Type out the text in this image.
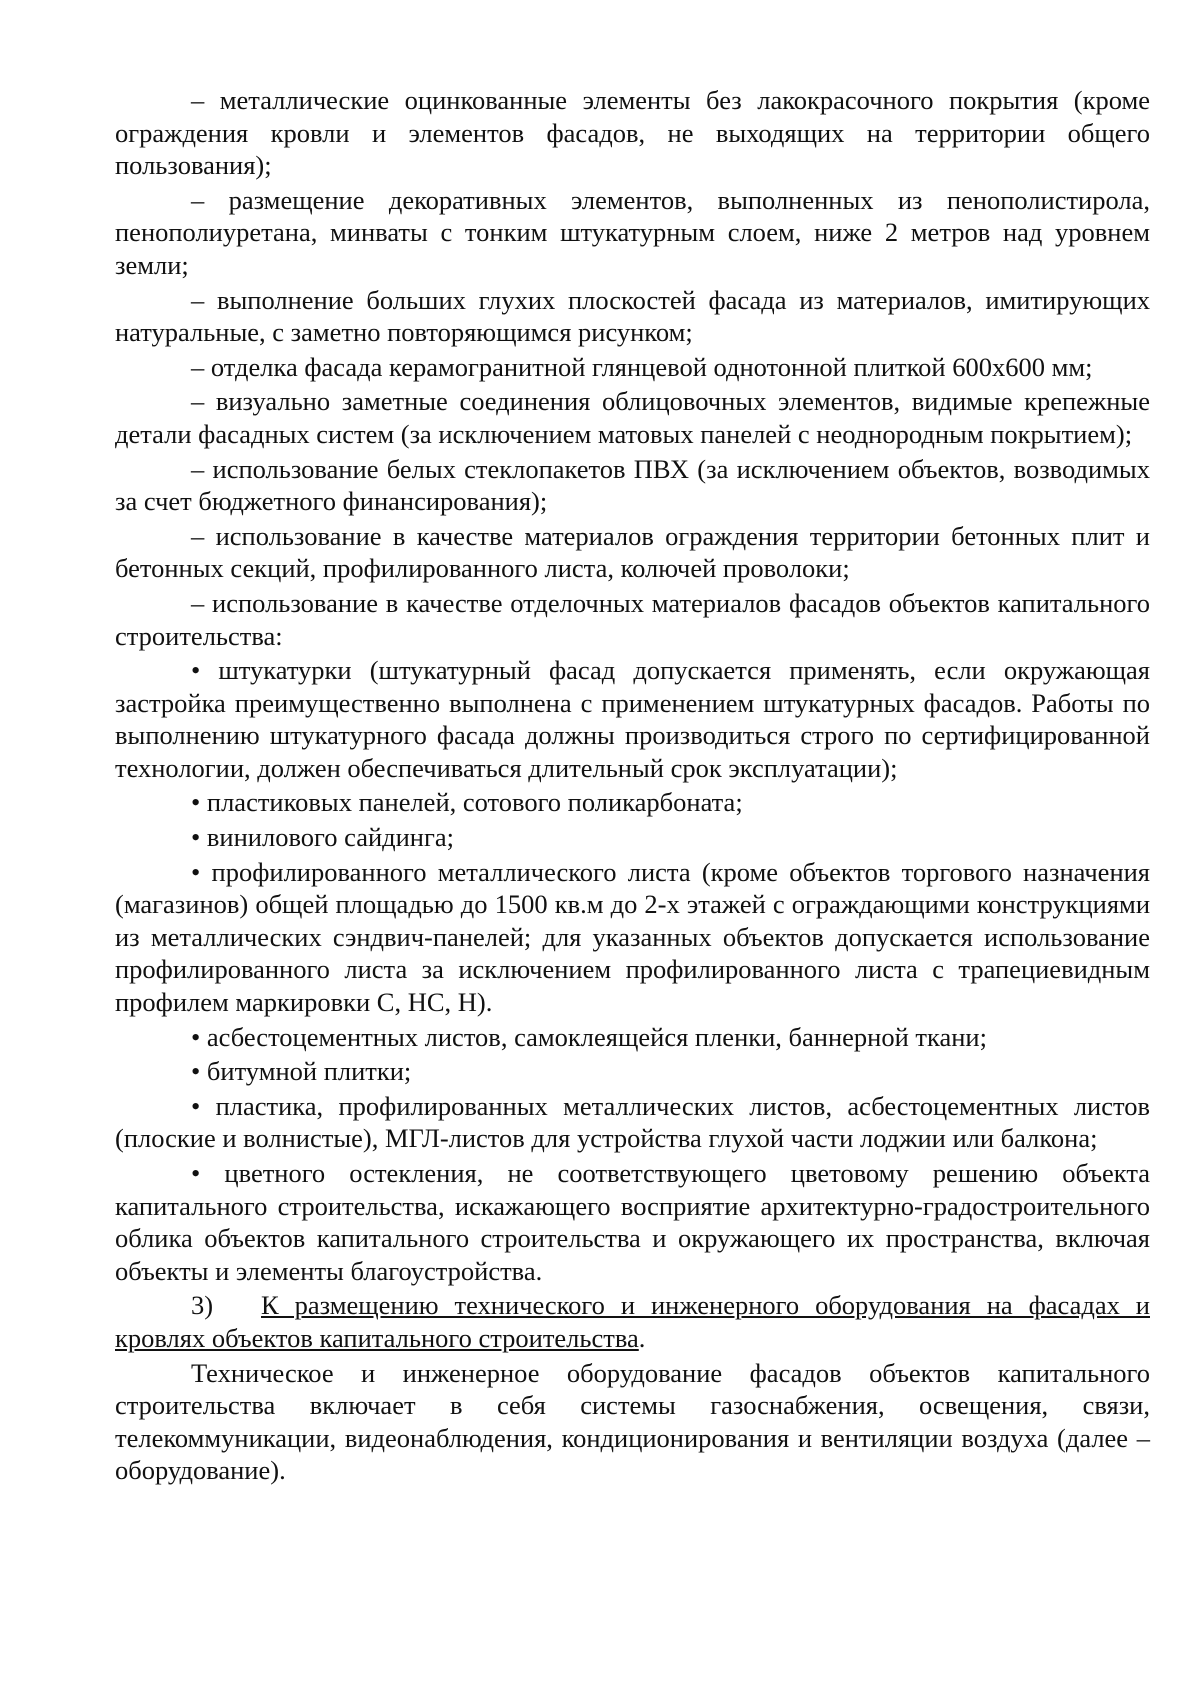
– металлические оцинкованные элементы без лакокрасочного покрытия (кроме ограждения кровли и элементов фасадов, не выходящих на территории общего пользования);

– размещение декоративных элементов, выполненных из пенополистирола, пенополиуретана, минваты с тонким штукатурным слоем, ниже 2 метров над уровнем земли;

– выполнение больших глухих плоскостей фасада из материалов, имитирующих натуральные, с заметно повторяющимся рисунком;

– отделка фасада керамогранитной глянцевой однотонной плиткой 600х600 мм;

– визуально заметные соединения облицовочных элементов, видимые крепежные детали фасадных систем (за исключением матовых панелей с неоднородным покрытием);

– использование белых стеклопакетов ПВХ (за исключением объектов, возводимых за счет бюджетного финансирования);

– использование в качестве материалов ограждения территории бетонных плит и бетонных секций, профилированного листа, колючей проволоки;

– использование в качестве отделочных материалов фасадов объектов капитального строительства:

• штукатурки (штукатурный фасад допускается применять, если окружающая застройка преимущественно выполнена с применением штукатурных фасадов. Работы по выполнению штукатурного фасада должны производиться строго по сертифицированной технологии, должен обеспечиваться длительный срок эксплуатации);

• пластиковых панелей, сотового поликарбоната;

• винилового сайдинга;

• профилированного металлического листа (кроме объектов торгового назначения (магазинов) общей площадью до 1500 кв.м до 2-х этажей с ограждающими конструкциями из металлических сэндвич-панелей; для указанных объектов допускается использование профилированного листа за исключением профилированного листа с трапециевидным профилем маркировки С, НС, Н).

• асбестоцементных листов, самоклеящейся пленки, баннерной ткани;

• битумной плитки;

• пластика, профилированных металлических листов, асбестоцементных листов (плоские и волнистые), МГЛ-листов для устройства глухой части лоджии или балкона;

• цветного остекления, не соответствующего цветовому решению объекта капитального строительства, искажающего восприятие архитектурно-градостроительного облика объектов капитального строительства и окружающего их пространства, включая объекты и элементы благоустройства.

3) К размещению технического и инженерного оборудования на фасадах и кровлях объектов капитального строительства.

Техническое и инженерное оборудование фасадов объектов капитального строительства включает в себя системы газоснабжения, освещения, связи, телекоммуникации, видеонаблюдения, кондиционирования и вентиляции воздуха (далее – оборудование).
